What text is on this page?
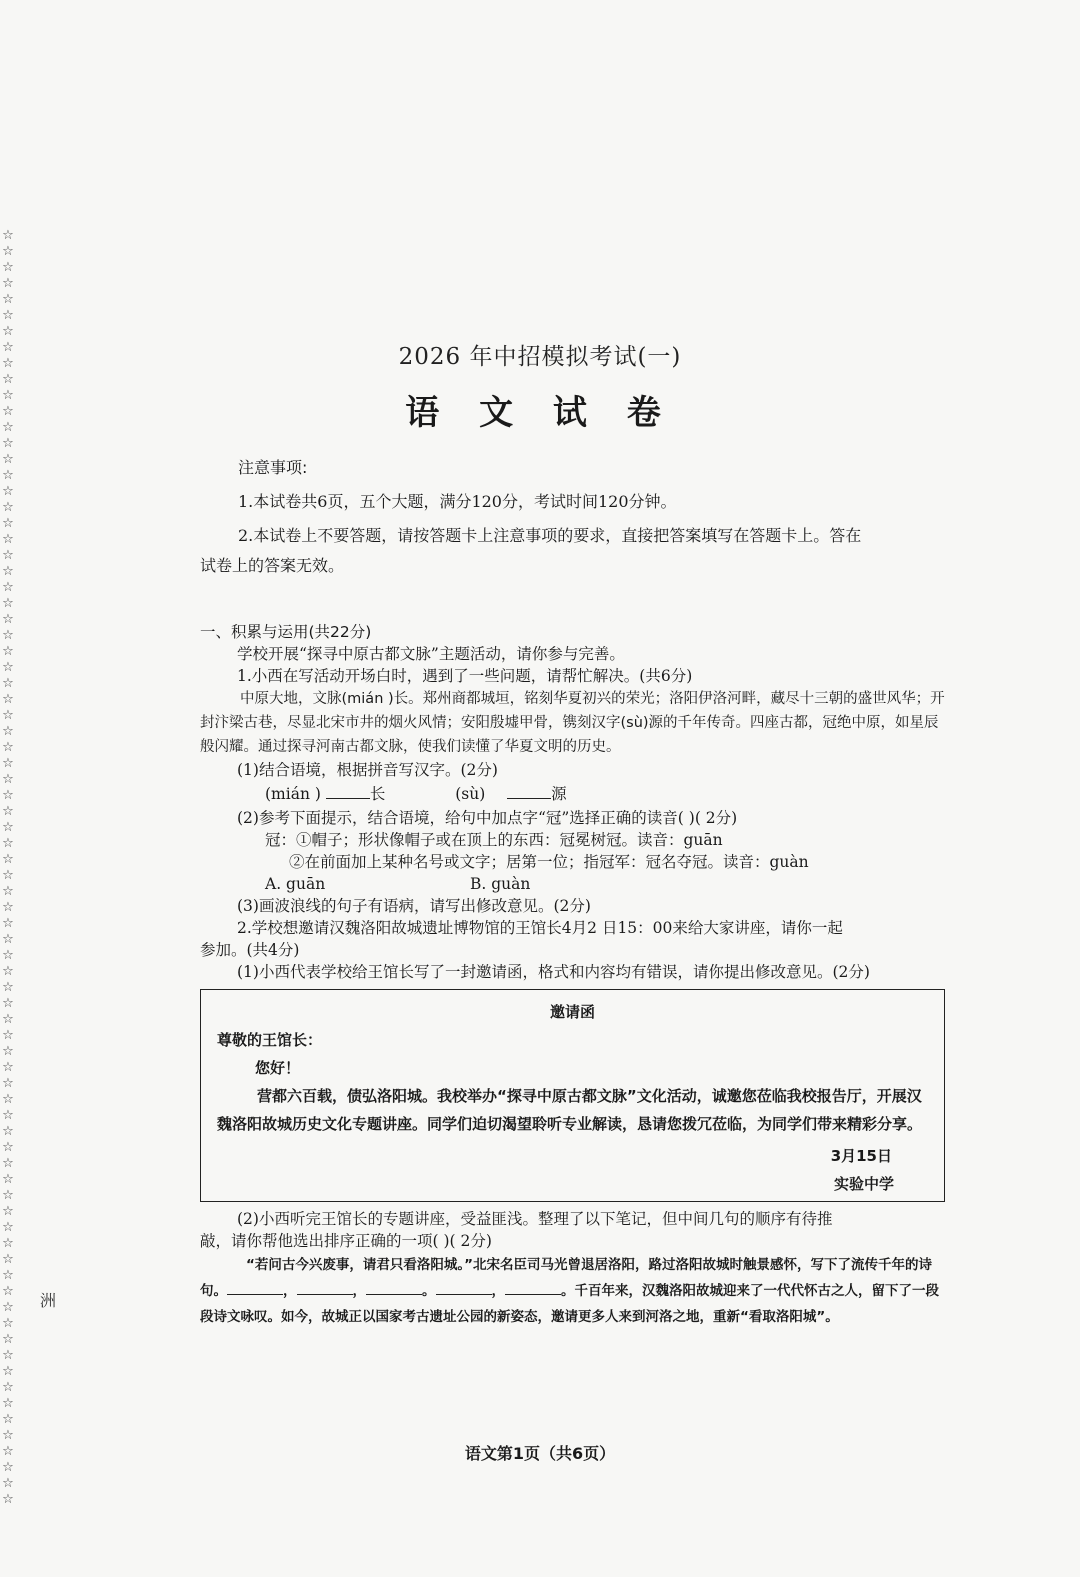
☆☆☆☆☆☆☆☆☆☆☆☆☆☆☆☆☆☆☆☆☆☆☆☆☆☆☆☆☆☆☆☆☆☆☆☆☆☆☆☆☆☆☆☆☆☆☆☆☆☆☆☆☆☆☆☆☆☆☆☆☆☆☆☆☆☆☆☆☆☆☆☆☆☆☆☆☆☆☆☆
洲
2026 年中招模拟考试(一)
语 文 试 卷
注意事项:

1.本试卷共6页，五个大题，满分120分，考试时间120分钟。

2.本试卷上不要答题，请按答题卡上注意事项的要求，直接把答案填写在答题卡上。答在

试卷上的答案无效。

一、积累与运用(共22分)

学校开展“探寻中原古都文脉”主题活动，请你参与完善。

1.小西在写活动开场白时，遇到了一些问题，请帮忙解决。(共6分)

中原大地，文脉(mián )长。郑州商都城垣，铭刻华夏初兴的荣光；洛阳伊洛河畔，藏尽十三朝的盛世风华；开封汴梁古巷，尽显北宋市井的烟火风情；安阳殷墟甲骨，镌刻汉字(sù)源的千年传奇。四座古都，冠绝中原，如星辰般闪耀。通过探寻河南古都文脉，使我们读懂了华夏文明的历史。

(1)结合语境，根据拼音写汉字。(2分)

(mián )	长	(sù)	源

(2)参考下面提示，结合语境，给句中加点字“冠”选择正确的读音( )( 2分)

冠：①帽子；形状像帽子或在顶上的东西：冠冕树冠。读音：guān

②在前面加上某种名号或文字；居第一位；指冠军：冠名夺冠。读音：guàn

A. guān	B. guàn

(3)画波浪线的句子有语病，请写出修改意见。(2分)

2.学校想邀请汉魏洛阳故城遗址博物馆的王馆长4月2 日15：00来给大家讲座，请你一起

参加。(共4分)

(1)小西代表学校给王馆长写了一封邀请函，格式和内容均有错误，请你提出修改意见。(2分)

邀请函
尊敬的王馆长：
您好！
营都六百载，债弘洛阳城。我校举办“探寻中原古都文脉”文化活动，诚邀您莅临我校报告厅，开展汉魏洛阳故城历史文化专题讲座。同学们迫切渴望聆听专业解读，恳请您拨冗莅临，为同学们带来精彩分享。
3月15日
实验中学

(2)小西听完王馆长的专题讲座，受益匪浅。整理了以下笔记，但中间几句的顺序有待推

敲，请你帮他选出排序正确的一项( )( 2分)

“若问古今兴废事，请君只看洛阳城。”北宋名臣司马光曾退居洛阳，路过洛阳故城时触景感怀，写下了流传千年的诗句。	，	，	。	，	。千百年来，汉魏洛阳故城迎来了一代代怀古之人，留下了一段段诗文咏叹。如今，故城正以国家考古遗址公园的新姿态，邀请更多人来到河洛之地，重新“看取洛阳城”。

语文第1页（共6页）
